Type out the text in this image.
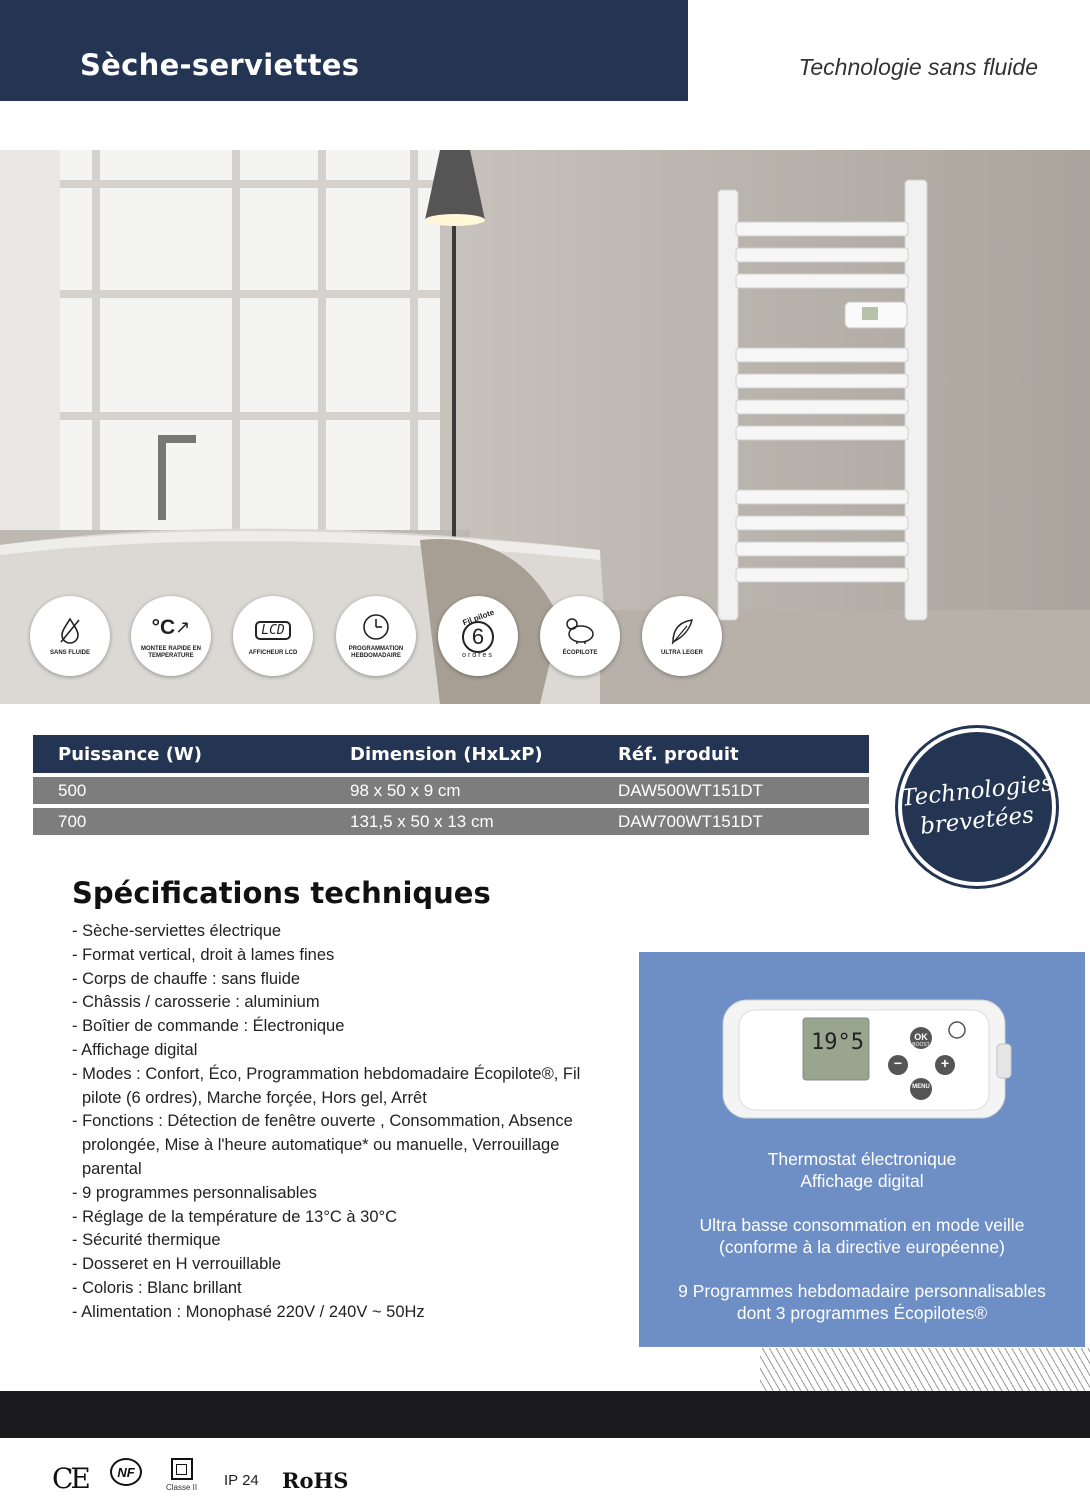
Sèche-serviettes	Technologie sans fluide
SANS FLUIDE
°C ↗
MONTEE RAPIDE EN TEMPERATURE
LCD
AFFICHEUR LCD
PROGRAMMATION HEBDOMADAIRE
Fil pilote
6
ordres	ÉCOPILOTE	ULTRA LEGER
Puissance (W)	Dimension (HxLxP)	Réf. produit
500	98 x 50 x 9 cm	DAW500WT151DT
700	131,5 x 50 x 13 cm	DAW700WT151DT
Technologies
brevetées
Spécifications techniques
- Sèche-serviettes électrique
- Format vertical, droit à lames fines
- Corps de chauffe : sans fluide
- Châssis / carosserie : aluminium
- Boîtier de commande : Électronique
- Affichage digital
- Modes : Confort, Éco, Programmation hebdomadaire Écopilote®, Fil pilote (6 ordres), Marche forçée, Hors gel, Arrêt
- Fonctions : Détection de fenêtre ouverte , Consommation, Absence prolongée, Mise à l'heure automatique* ou manuelle, Verrouillage parental
- 9 programmes personnalisables
- Réglage de la température de 13°C à 30°C
- Sécurité thermique
- Dosseret en H verrouillable
- Coloris : Blanc brillant
- Alimentation : Monophasé 220V / 240V ~ 50Hz
19°5	OK
BOOST
−	+
MENU
Thermostat électronique
Affichage digital
Ultra basse consommation en mode veille
(conforme à la directive européenne)
9 Programmes hebdomadaire personnalisables
dont 3 programmes Écopilotes®
CE	NF
Classe II IP 24 RoHS
